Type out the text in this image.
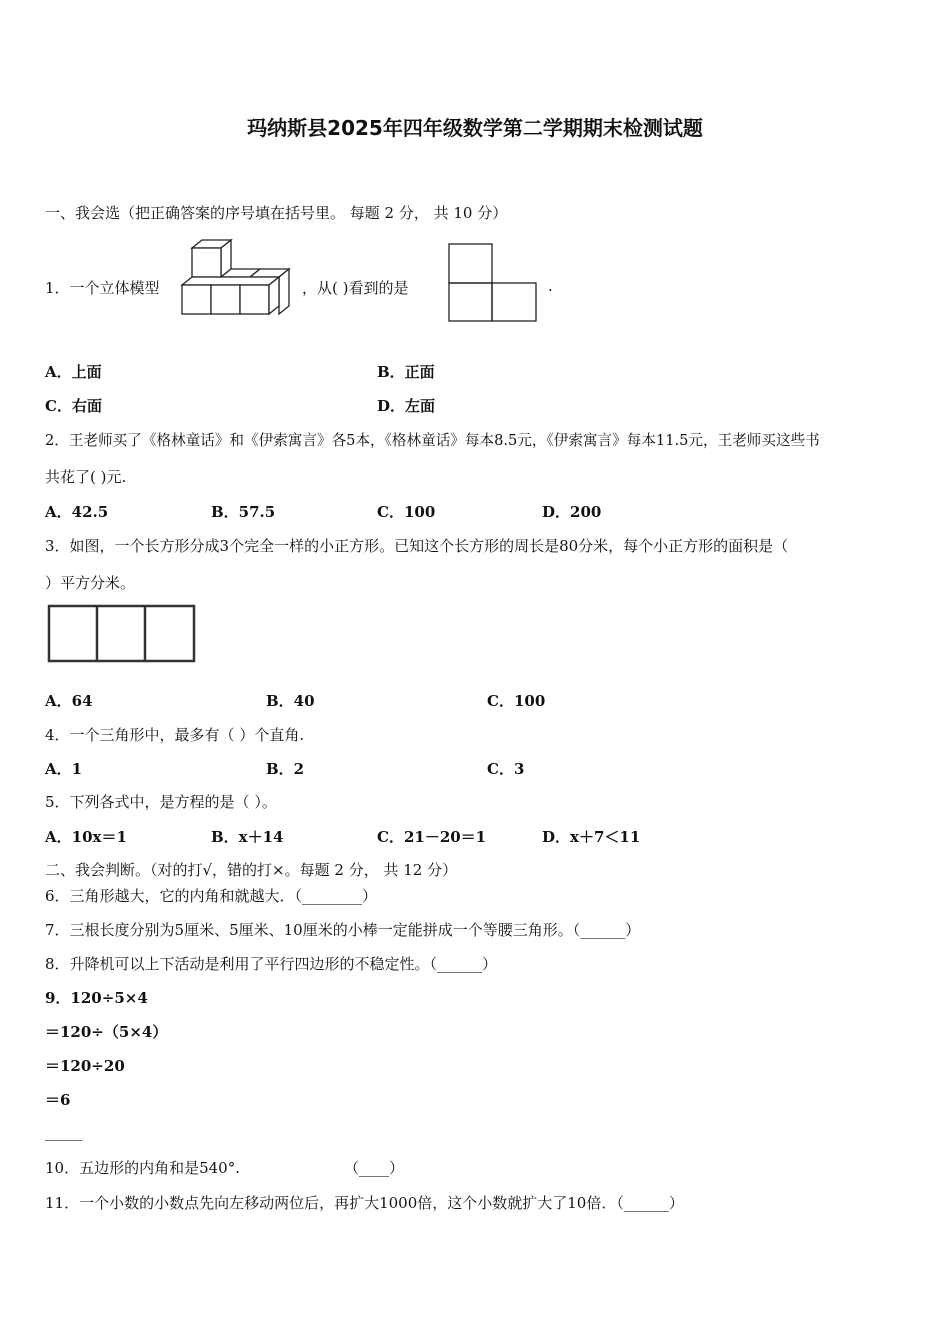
玛纳斯县2025年四年级数学第二学期期末检测试题
一、我会选（把正确答案的序号填在括号里。 每题 2 分， 共 10 分）
1．一个立体模型	，从( )看到的是	.
A．上面	B．正面
C．右面	D．左面
2．王老师买了《格林童话》和《伊索寓言》各5本，《格林童话》每本8.5元，《伊索寓言》每本11.5元，王老师买这些书
共花了( )元.
A．42.5	B．57.5	C．100	D．200
3．如图，一个长方形分成3个完全一样的小正方形。已知这个长方形的周长是80分米，每个小正方形的面积是（
）平方分米。
A．64	B．40	C．100
4．一个三角形中，最多有（ ）个直角.
A．1	B．2	C．3
5．下列各式中，是方程的是（ ）。
A．10x＝1	B．x＋14	C．21－20＝1	D．x＋7＜11
二、我会判断。（对的打√，错的打×。每题 2 分， 共 12 分）
6．三角形越大，它的内角和就越大．（________）
7．三根长度分别为5厘米、5厘米、10厘米的小棒一定能拼成一个等腰三角形。（______）
8．升降机可以上下活动是利用了平行四边形的不稳定性。（______）
9．120÷5×4
＝120÷（5×4）
＝120÷20
＝6
_____
10．五边形的内角和是540°.	（____）
11．一个小数的小数点先向左移动两位后，再扩大1000倍，这个小数就扩大了10倍．（______）
